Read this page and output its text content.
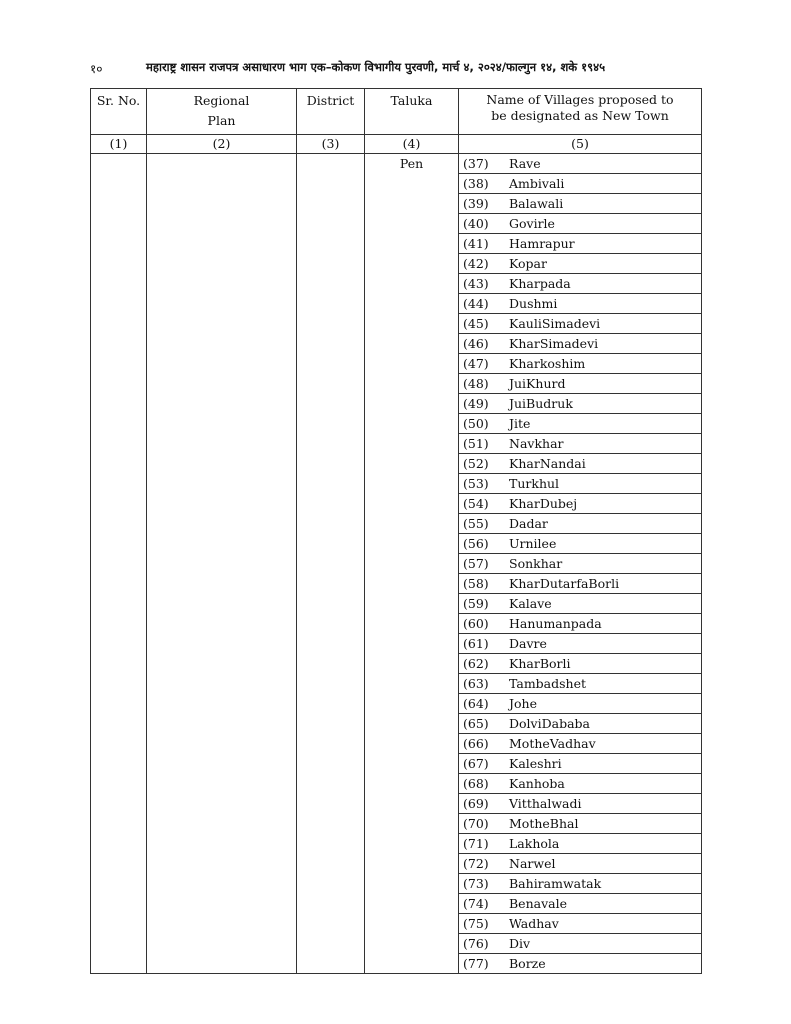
१०	महाराष्ट्र शासन राजपत्र असाधारण भाग एक–कोकण विभागीय पुरवणी, मार्च ४, २०२४/फाल्गुन १४, शके १९४५
Sr. No.	Regional Plan	District	Taluka	Name of Villages proposed to be designated as New Town

(1)	(2)	(3)	(4)	(5)
			Pen	(37) Rave
				(38) Ambivali
				(39) Balawali
				(40) Govirle
				(41) Hamrapur
				(42) Kopar
				(43) Kharpada
				(44) Dushmi
				(45) KauliSimadevi
				(46) KharSimadevi
				(47) Kharkoshim
				(48) JuiKhurd
				(49) JuiBudruk
				(50) Jite
				(51) Navkhar
				(52) KharNandai
				(53) Turkhul
				(54) KharDubej
				(55) Dadar
				(56) Urnilee
				(57) Sonkhar
				(58) KharDutarfaBorli
				(59) Kalave
				(60) Hanumanpada
				(61) Davre
				(62) KharBorli
				(63) Tambadshet
				(64) Johe
				(65) DolviDababa
				(66) MotheVadhav
				(67) Kaleshri
				(68) Kanhoba
				(69) Vitthalwadi
				(70) MotheBhal
				(71) Lakhola
				(72) Narwel
				(73) Bahiramwatak
				(74) Benavale
				(75) Wadhav
				(76) Div
				(77) Borze
